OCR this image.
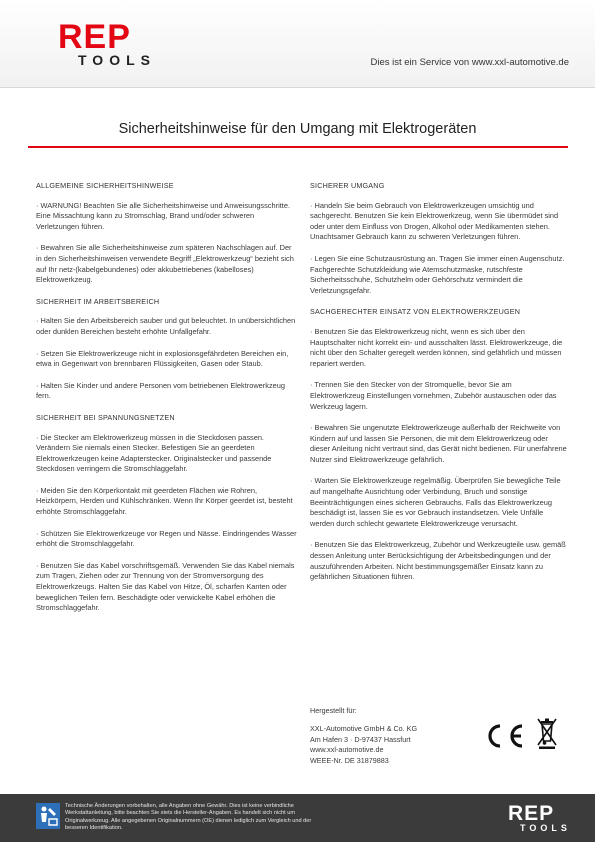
REP
TOOLS	Dies ist ein Service von www.xxl-automotive.de
Sicherheitshinweise für den Umgang mit Elektrogeräten
ALLGEMEINE SICHERHEITSHINWEISE
· WARNUNG! Beachten Sie alle Sicherheitshinweise und Anweisungsschritte. Eine Missachtung kann zu Stromschlag, Brand und/oder schweren Verletzungen führen.
· Bewahren Sie alle Sicherheitshinweise zum späteren Nachschlagen auf. Der in den Sicherheitshinweisen verwendete Begriff „Elektrowerkzeug“ bezieht sich auf Ihr netz-(kabelgebundenes) oder akkubetriebenes (kabelloses) Elektrowerkzeug.
SICHERHEIT IM ARBEITSBEREICH
· Halten Sie den Arbeitsbereich sauber und gut beleuchtet. In unübersichtlichen oder dunklen Bereichen besteht erhöhte Unfallgefahr.
· Setzen Sie Elektrowerkzeuge nicht in explosionsgefährdeten Bereichen ein, etwa in Gegenwart von brennbaren Flüssigkeiten, Gasen oder Staub.
· Halten Sie Kinder und andere Personen vom betriebenen Elektrowerkzeug fern.
SICHERHEIT BEI SPANNUNGSNETZEN
· Die Stecker am Elektrowerkzeug müssen in die Steckdosen passen. Verändern Sie niemals einen Stecker. Befestigen Sie an geerdeten Elektrowerkzeugen keine Adapterstecker. Originalstecker und passende Steckdosen verringern die Stromschlaggefahr.
· Meiden Sie den Körperkontakt mit geerdeten Flächen wie Rohren, Heizkörpern, Herden und Kühlschränken. Wenn Ihr Körper geerdet ist, besteht erhöhte Stromschlaggefahr.
· Schützen Sie Elektrowerkzeuge vor Regen und Nässe. Eindringendes Wasser erhöht die Stromschlaggefahr.
· Benutzen Sie das Kabel vorschriftsgemäß. Verwenden Sie das Kabel niemals zum Tragen, Ziehen oder zur Trennung von der Stromversorgung des Elektrowerkzeugs. Halten Sie das Kabel von Hitze, Öl, scharfen Kanten oder beweglichen Teilen fern. Beschädigte oder verwickelte Kabel erhöhen die Stromschlaggefahr.
SICHERER UMGANG
· Handeln Sie beim Gebrauch von Elektrowerkzeugen umsichtig und sachgerecht. Benutzen Sie kein Elektrowerkzeug, wenn Sie übermüdet sind oder unter dem Einfluss von Drogen, Alkohol oder Medikamenten stehen. Unachtsamer Gebrauch kann zu schweren Verletzungen führen.
· Legen Sie eine Schutzausrüstung an. Tragen Sie immer einen Augenschutz. Fachgerechte Schutzkleidung wie Atemschutzmaske, rutschfeste Sicherheitsschuhe, Schutzhelm oder Gehörschutz vermindert die Verletzungsgefahr.
SACHGERECHTER EINSATZ VON ELEKTROWERKZEUGEN
· Benutzen Sie das Elektrowerkzeug nicht, wenn es sich über den Hauptschalter nicht korrekt ein- und ausschalten lässt. Elektrowerkzeuge, die nicht über den Schalter geregelt werden können, sind gefährlich und müssen repariert werden.
· Trennen Sie den Stecker von der Stromquelle, bevor Sie am Elektrowerkzeug Einstellungen vornehmen, Zubehör austauschen oder das Werkzeug lagern.
· Bewahren Sie ungenutzte Elektrowerkzeuge außerhalb der Reichweite von Kindern auf und lassen Sie Personen, die mit dem Elektrowerkzeug oder dieser Anleitung nicht vertraut sind, das Gerät nicht bedienen. Für unerfahrene Nutzer sind Elektrowerkzeuge gefährlich.
· Warten Sie Elektrowerkzeuge regelmäßig. Überprüfen Sie bewegliche Teile auf mangelhafte Ausrichtung oder Verbindung, Bruch und sonstige Beeinträchtigungen eines sicheren Gebrauchs. Falls das Elektrowerkzeug beschädigt ist, lassen Sie es vor Gebrauch instandsetzen. Viele Unfälle werden durch schlecht gewartete Elektrowerkzeuge verursacht.
· Benutzen Sie das Elektrowerkzeug, Zubehör und Werkzeugteile usw. gemäß dessen Anleitung unter Berücksichtigung der Arbeitsbedingungen und der auszuführenden Arbeiten. Nicht bestimmungsgemäßer Einsatz kann zu gefährlichen Situationen führen.
Hergestellt für:
XXL-Automotive GmbH & Co. KG
Am Hafen 3 · D-97437 Hassfurt
www.xxl-automotive.de
WEEE-Nr. DE 31879883
Technische Änderungen vorbehalten, alle Angaben ohne Gewähr. Dies ist keine verbindliche Werkstattanleitung, bitte beachten Sie stets die Hersteller-Angaben. Es handelt sich nicht um Originalwerkzeug. Alle angegebenen Originalnummern (OE) dienen lediglich zum Vergleich und der besseren Identifikation.
REP
TOOLS
